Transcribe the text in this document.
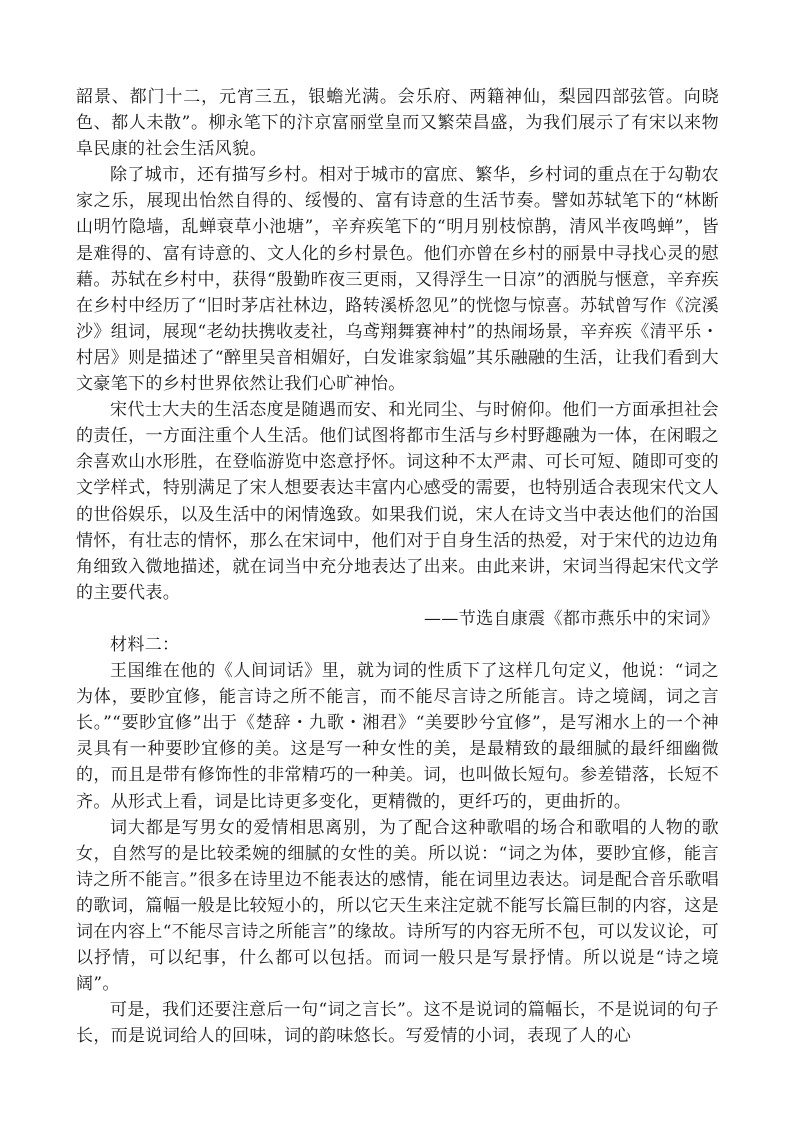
韶景、都门十二，元宵三五，银蟾光满。会乐府、两籍神仙，梨园四部弦管。向晓色、都人未散”。柳永笔下的汴京富丽堂皇而又繁荣昌盛，为我们展示了有宋以来物阜民康的社会生活风貌。

除了城市，还有描写乡村。相对于城市的富庶、繁华，乡村词的重点在于勾勒农家之乐，展现出怡然自得的、绥慢的、富有诗意的生活节奏。譬如苏轼笔下的“林断山明竹隐墙，乱蝉衰草小池塘”，辛弃疾笔下的“明月别枝惊鹊，清风半夜鸣蝉”，皆是难得的、富有诗意的、文人化的乡村景色。他们亦曾在乡村的丽景中寻找心灵的慰藉。苏轼在乡村中，获得“殷勤昨夜三更雨，又得浮生一日凉”的洒脱与惬意，辛弃疾在乡村中经历了“旧时茅店社林边，路转溪桥忽见”的恍惚与惊喜。苏轼曾写作《浣溪沙》组词，展现“老幼扶携收麦社，乌鸢翔舞赛神村”的热闹场景，辛弃疾《清平乐・村居》则是描述了“醉里吴音相媚好，白发谁家翁媪”其乐融融的生活，让我们看到大文豪笔下的乡村世界依然让我们心旷神怡。

宋代士大夫的生活态度是随遇而安、和光同尘、与时俯仰。他们一方面承担社会的责任，一方面注重个人生活。他们试图将都市生活与乡村野趣融为一体，在闲暇之余喜欢山水形胜，在登临游览中恣意抒怀。词这种不太严肃、可长可短、随即可变的文学样式，特别满足了宋人想要表达丰富内心感受的需要，也特别适合表现宋代文人的世俗娱乐，以及生活中的闲情逸致。如果我们说，宋人在诗文当中表达他们的治国情怀，有壮志的情怀，那么在宋词中，他们对于自身生活的热爱，对于宋代的边边角角细致入微地描述，就在词当中充分地表达了出来。由此来讲，宋词当得起宋代文学的主要代表。

——节选自康震《都市燕乐中的宋词》

材料二：

王国维在他的《人间词话》里，就为词的性质下了这样几句定义，他说：“词之为体，要眇宜修，能言诗之所不能言，而不能尽言诗之所能言。诗之境阔，词之言长。”“要眇宜修”出于《楚辞・九歌・湘君》“美要眇兮宜修”，是写湘水上的一个神灵具有一种要眇宜修的美。这是写一种女性的美，是最精致的最细腻的最纤细幽微的，而且是带有修饰性的非常精巧的一种美。词，也叫做长短句。参差错落，长短不齐。从形式上看，词是比诗更多变化，更精微的，更纤巧的，更曲折的。

词大都是写男女的爱情相思离别，为了配合这种歌唱的场合和歌唱的人物的歌女，自然写的是比较柔婉的细腻的女性的美。所以说：“词之为体，要眇宜修，能言诗之所不能言。”很多在诗里边不能表达的感情，能在词里边表达。词是配合音乐歌唱的歌词，篇幅一般是比较短小的，所以它天生来注定就不能写长篇巨制的内容，这是词在内容上“不能尽言诗之所能言”的缘故。诗所写的内容无所不包，可以发议论，可以抒情，可以纪事，什么都可以包括。而词一般只是写景抒情。所以说是“诗之境阔”。

可是，我们还要注意后一句“词之言长”。这不是说词的篇幅长，不是说词的句子长，而是说词给人的回味，词的韵味悠长。写爱情的小词，表现了人的心
